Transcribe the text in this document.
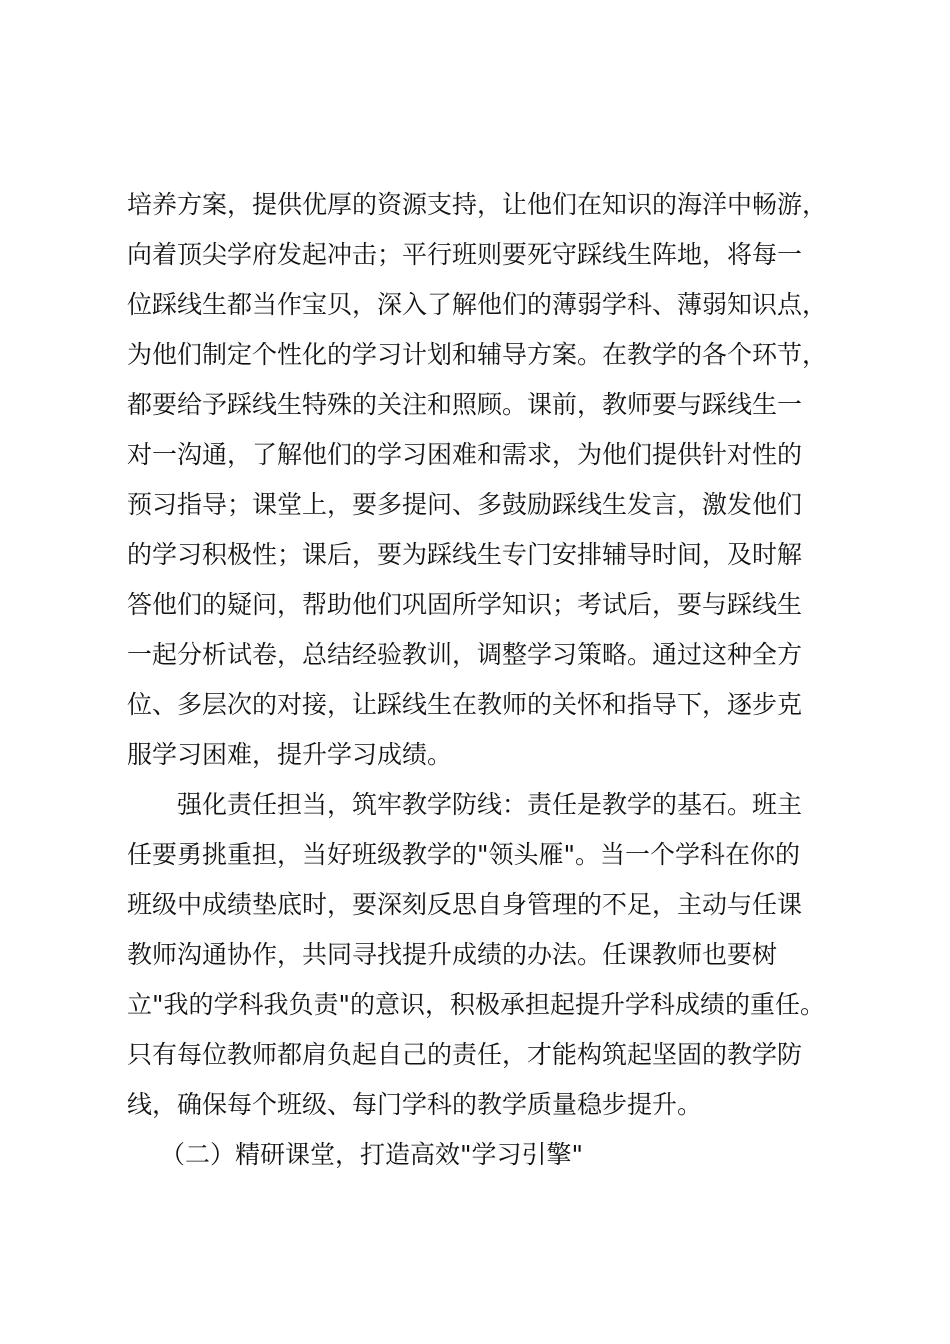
培养方案，提供优厚的资源支持，让他们在知识的海洋中畅游，
向着顶尖学府发起冲击；平行班则要死守踩线生阵地，将每一
位踩线生都当作宝贝，深入了解他们的薄弱学科、薄弱知识点，
为他们制定个性化的学习计划和辅导方案。在教学的各个环节，
都要给予踩线生特殊的关注和照顾。课前，教师要与踩线生一
对一沟通，了解他们的学习困难和需求，为他们提供针对性的
预习指导；课堂上，要多提问、多鼓励踩线生发言，激发他们
的学习积极性；课后，要为踩线生专门安排辅导时间，及时解
答他们的疑问，帮助他们巩固所学知识；考试后，要与踩线生
一起分析试卷，总结经验教训，调整学习策略。通过这种全方
位、多层次的对接，让踩线生在教师的关怀和指导下，逐步克
服学习困难，提升学习成绩。
强化责任担当，筑牢教学防线：责任是教学的基石。班主
任要勇挑重担，当好班级教学的"领头雁"。当一个学科在你的
班级中成绩垫底时，要深刻反思自身管理的不足，主动与任课
教师沟通协作，共同寻找提升成绩的办法。任课教师也要树
立"我的学科我负责"的意识，积极承担起提升学科成绩的重任。
只有每位教师都肩负起自己的责任，才能构筑起坚固的教学防
线，确保每个班级、每门学科的教学质量稳步提升。
（二）精研课堂，打造高效"学习引擎"
